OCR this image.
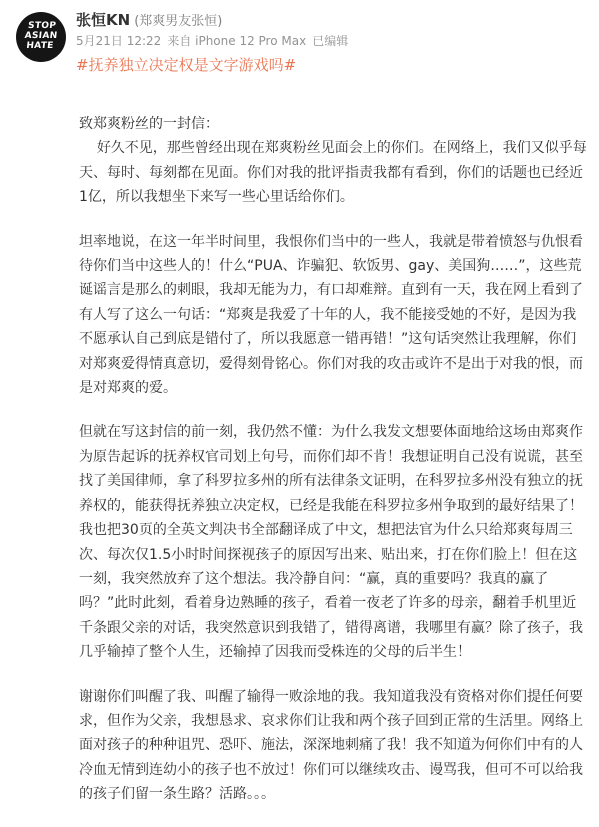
STOP ASIAN HATE
张恒KN (郑爽男友张恒)
5月21日 12:22 来自 iPhone 12 Pro Max 已编辑
#抚养独立决定权是文字游戏吗#

致郑爽粉丝的一封信：

好久不见，那些曾经出现在郑爽粉丝见面会上的你们。在网络上，我们又似乎每天、每时、每刻都在见面。你们对我的批评指责我都有看到，你们的话题也已经近1亿，所以我想坐下来写一些心里话给你们。

坦率地说，在这一年半时间里，我恨你们当中的一些人，我就是带着愤怒与仇恨看待你们当中这些人的！什么“PUA、诈骗犯、软饭男、gay、美国狗……”，这些荒诞谣言是那么的刺眼，我却无能为力，有口却难辩。直到有一天，我在网上看到了有人写了这么一句话：“郑爽是我爱了十年的人，我不能接受她的不好，是因为我不愿承认自己到底是错付了，所以我愿意一错再错！”这句话突然让我理解，你们对郑爽爱得情真意切，爱得刻骨铭心。你们对我的攻击或许不是出于对我的恨，而是对郑爽的爱。

但就在写这封信的前一刻，我仍然不懂：为什么我发文想要体面地给这场由郑爽作为原告起诉的抚养权官司划上句号，而你们却不肯！我想证明自己没有说谎，甚至找了美国律师，拿了科罗拉多州的所有法律条文证明，在科罗拉多州没有独立的抚养权的，能获得抚养独立决定权，已经是我能在科罗拉多州争取到的最好结果了！我也把30页的全英文判决书全部翻译成了中文，想把法官为什么只给郑爽每周三次、每次仅1.5小时时间探视孩子的原因写出来、贴出来，打在你们脸上！但在这一刻，我突然放弃了这个想法。我冷静自问：“赢，真的重要吗？我真的赢了吗？”此时此刻，看着身边熟睡的孩子，看着一夜老了许多的母亲，翻着手机里近千条跟父亲的对话，我突然意识到我错了，错得离谱，我哪里有赢？除了孩子，我几乎输掉了整个人生，还输掉了因我而受株连的父母的后半生！

谢谢你们叫醒了我、叫醒了输得一败涂地的我。我知道我没有资格对你们提任何要求，但作为父亲，我想恳求、哀求你们让我和两个孩子回到正常的生活里。网络上面对孩子的种种诅咒、恐吓、施法，深深地刺痛了我！我不知道为何你们中有的人冷血无情到连幼小的孩子也不放过！你们可以继续攻击、谩骂我，但可不可以给我的孩子们留一条生路？活路。。。
